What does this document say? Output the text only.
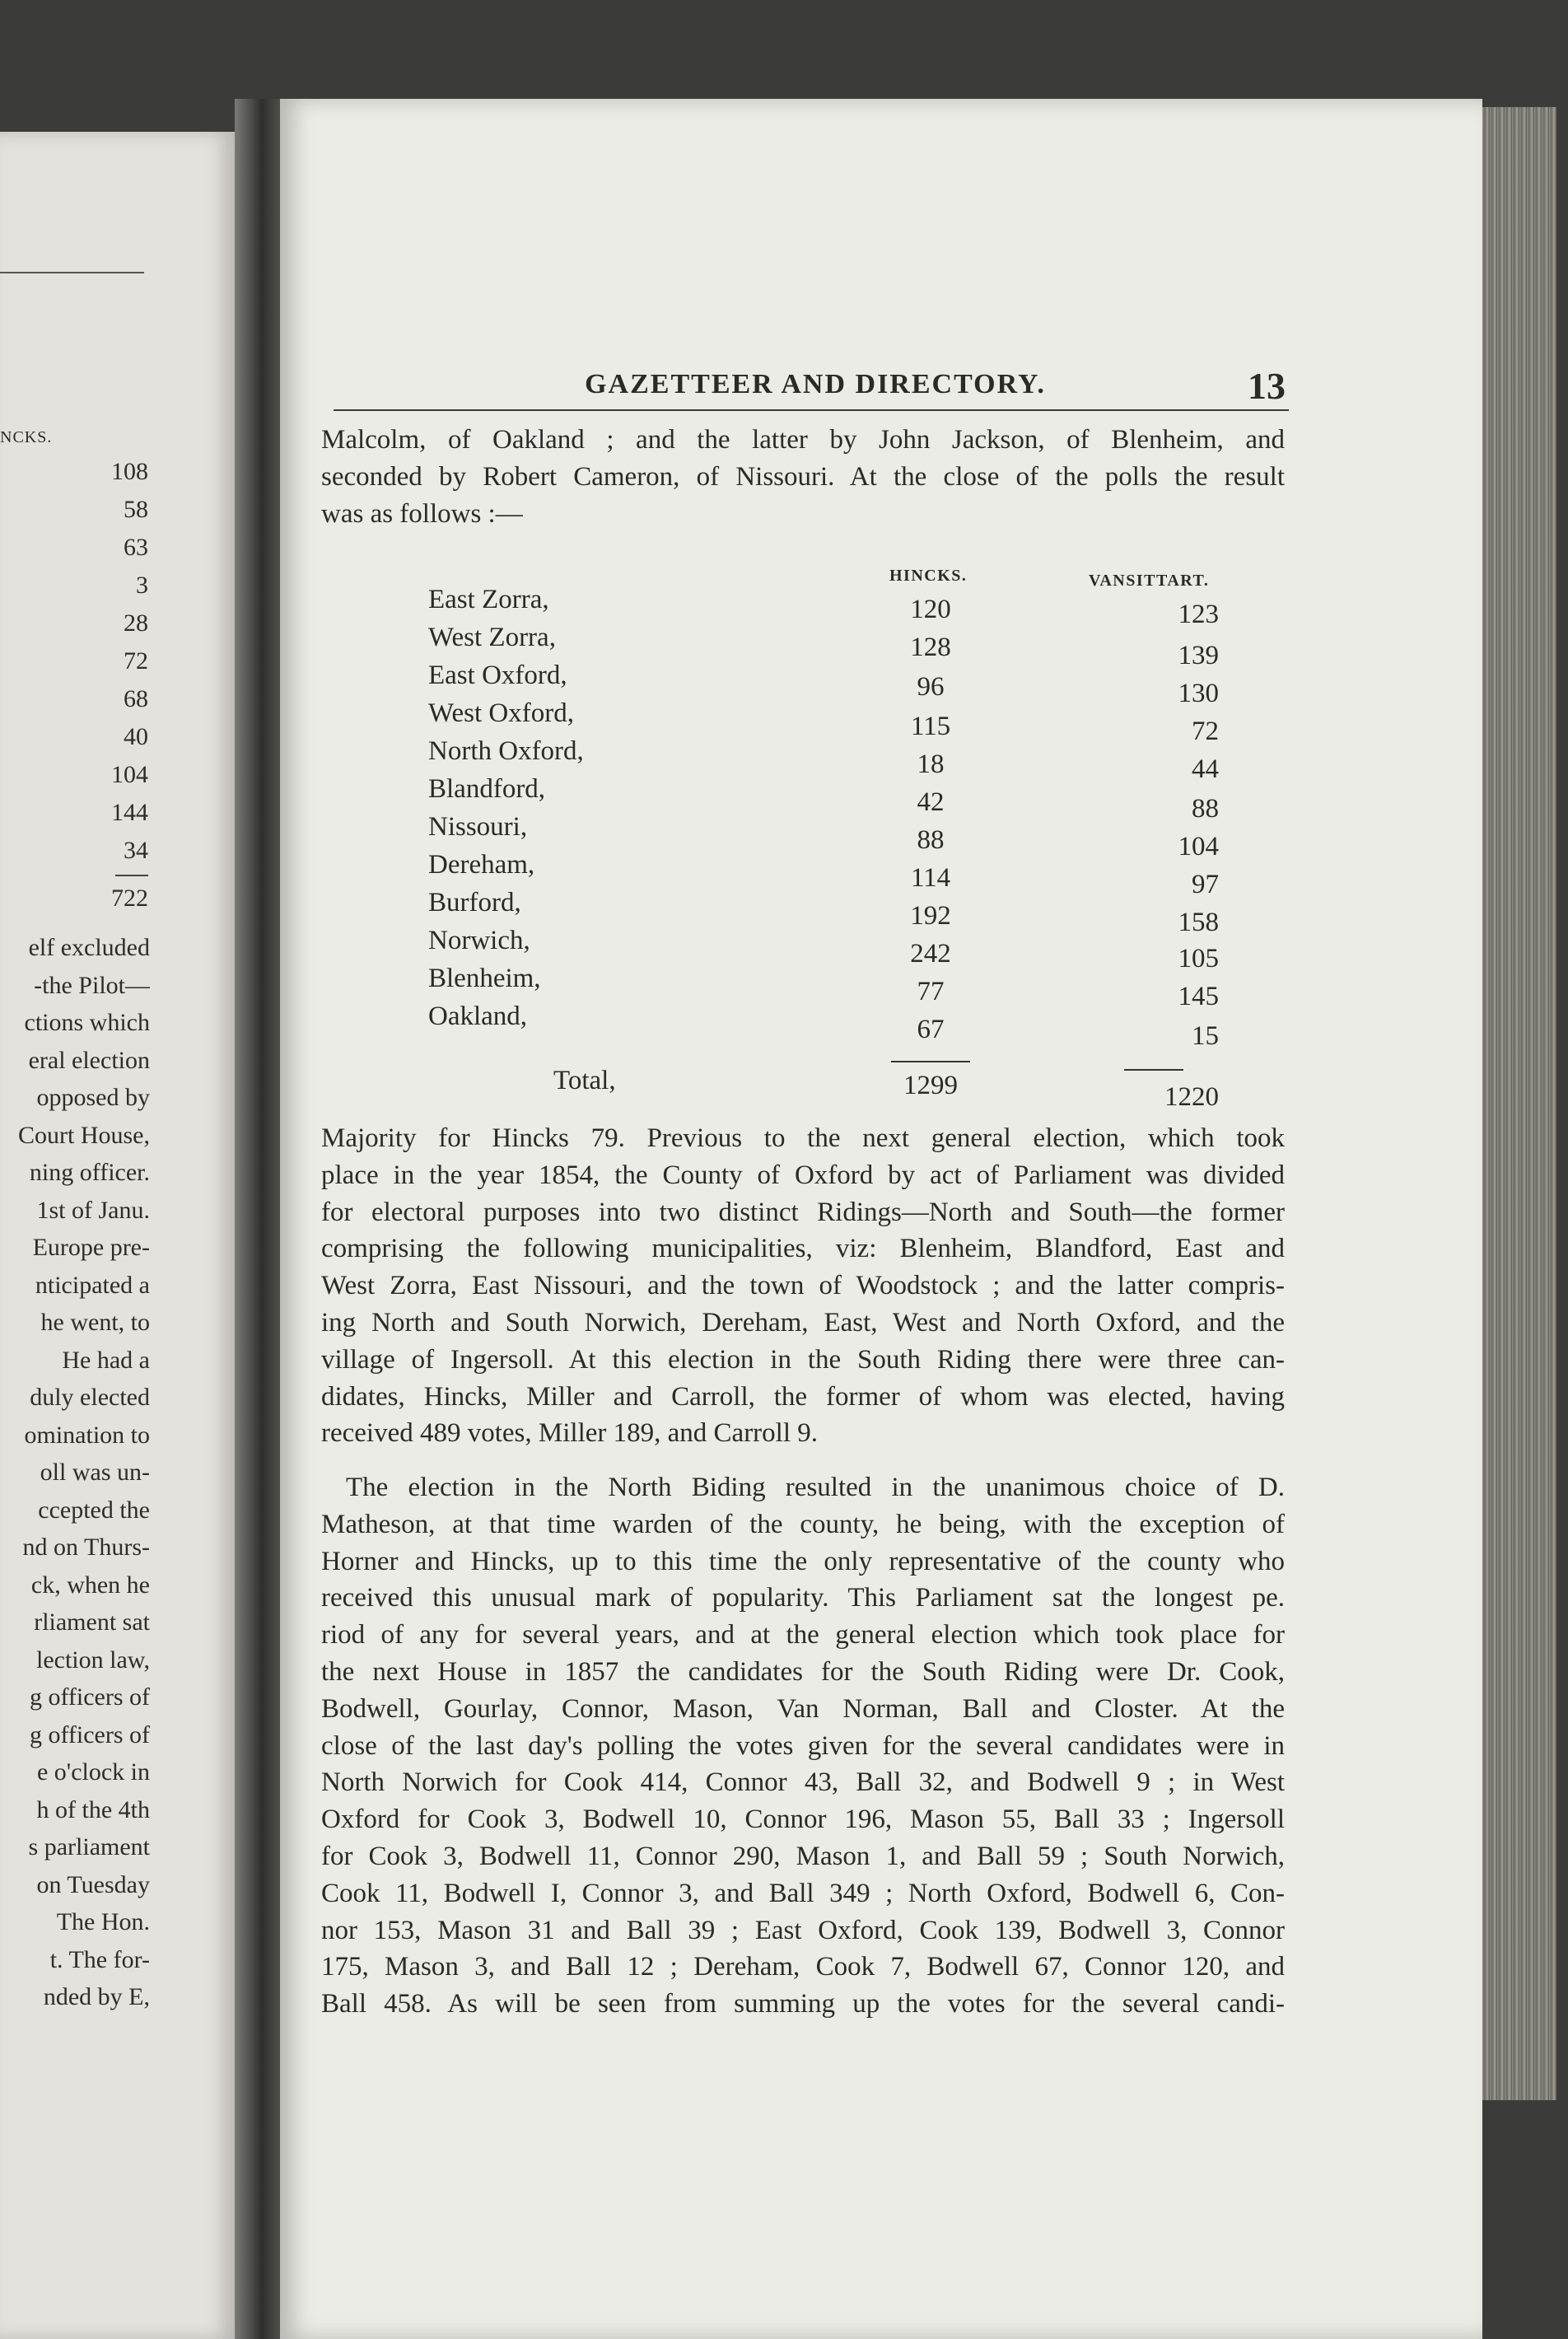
NCKS.
108
58
63
3
28
72
68
40
104
144
34
722
elf excluded
-the Pilot—
ctions which
eral election
opposed by
Court House,
ning officer.
1st of Janu.
Europe pre-
nticipated a
he went, to
He had a
duly elected
omination to
oll was un-
ccepted the
nd on Thurs-
ck, when he
rliament sat
lection law,
g officers of
g officers of
e o'clock in
h of the 4th
s parliament
on Tuesday
The Hon.
t. The for-
nded by E,
GAZETTEER AND DIRECTORY.	13
Malcolm, of Oakland ; and the latter by John Jackson, of Blenheim, and
seconded by Robert Cameron, of Nissouri. At the close of the polls the result
was as follows :—
HINCKS.	VANSITTART.
East Zorra,	120	123
West Zorra,	128	139
East Oxford,	96	130
West Oxford,	115	72
North Oxford,	18	44
Blandford,	42	88
Nissouri,	88	104
Dereham,	114	97
Burford,	192	158
Norwich,	242	105
Blenheim,	77	145
Oakland,	67	15
Total,	1299	1220
Majority for Hincks 79. Previous to the next general election, which took
place in the year 1854, the County of Oxford by act of Parliament was divided
for electoral purposes into two distinct Ridings—North and South—the former
comprising the following municipalities, viz: Blenheim, Blandford, East and
West Zorra, East Nissouri, and the town of Woodstock ; and the latter compris-
ing North and South Norwich, Dereham, East, West and North Oxford, and the
village of Ingersoll. At this election in the South Riding there were three can-
didates, Hincks, Miller and Carroll, the former of whom was elected, having
received 489 votes, Miller 189, and Carroll 9.
The election in the North Biding resulted in the unanimous choice of D.
Matheson, at that time warden of the county, he being, with the exception of
Horner and Hincks, up to this time the only representative of the county who
received this unusual mark of popularity. This Parliament sat the longest pe.
riod of any for several years, and at the general election which took place for
the next House in 1857 the candidates for the South Riding were Dr. Cook,
Bodwell, Gourlay, Connor, Mason, Van Norman, Ball and Closter. At the
close of the last day's polling the votes given for the several candidates were in
North Norwich for Cook 414, Connor 43, Ball 32, and Bodwell 9 ; in West
Oxford for Cook 3, Bodwell 10, Connor 196, Mason 55, Ball 33 ; Ingersoll
for Cook 3, Bodwell 11, Connor 290, Mason 1, and Ball 59 ; South Norwich,
Cook 11, Bodwell I, Connor 3, and Ball 349 ; North Oxford, Bodwell 6, Con-
nor 153, Mason 31 and Ball 39 ; East Oxford, Cook 139, Bodwell 3, Connor
175, Mason 3, and Ball 12 ; Dereham, Cook 7, Bodwell 67, Connor 120, and
Ball 458. As will be seen from summing up the votes for the several candi-
